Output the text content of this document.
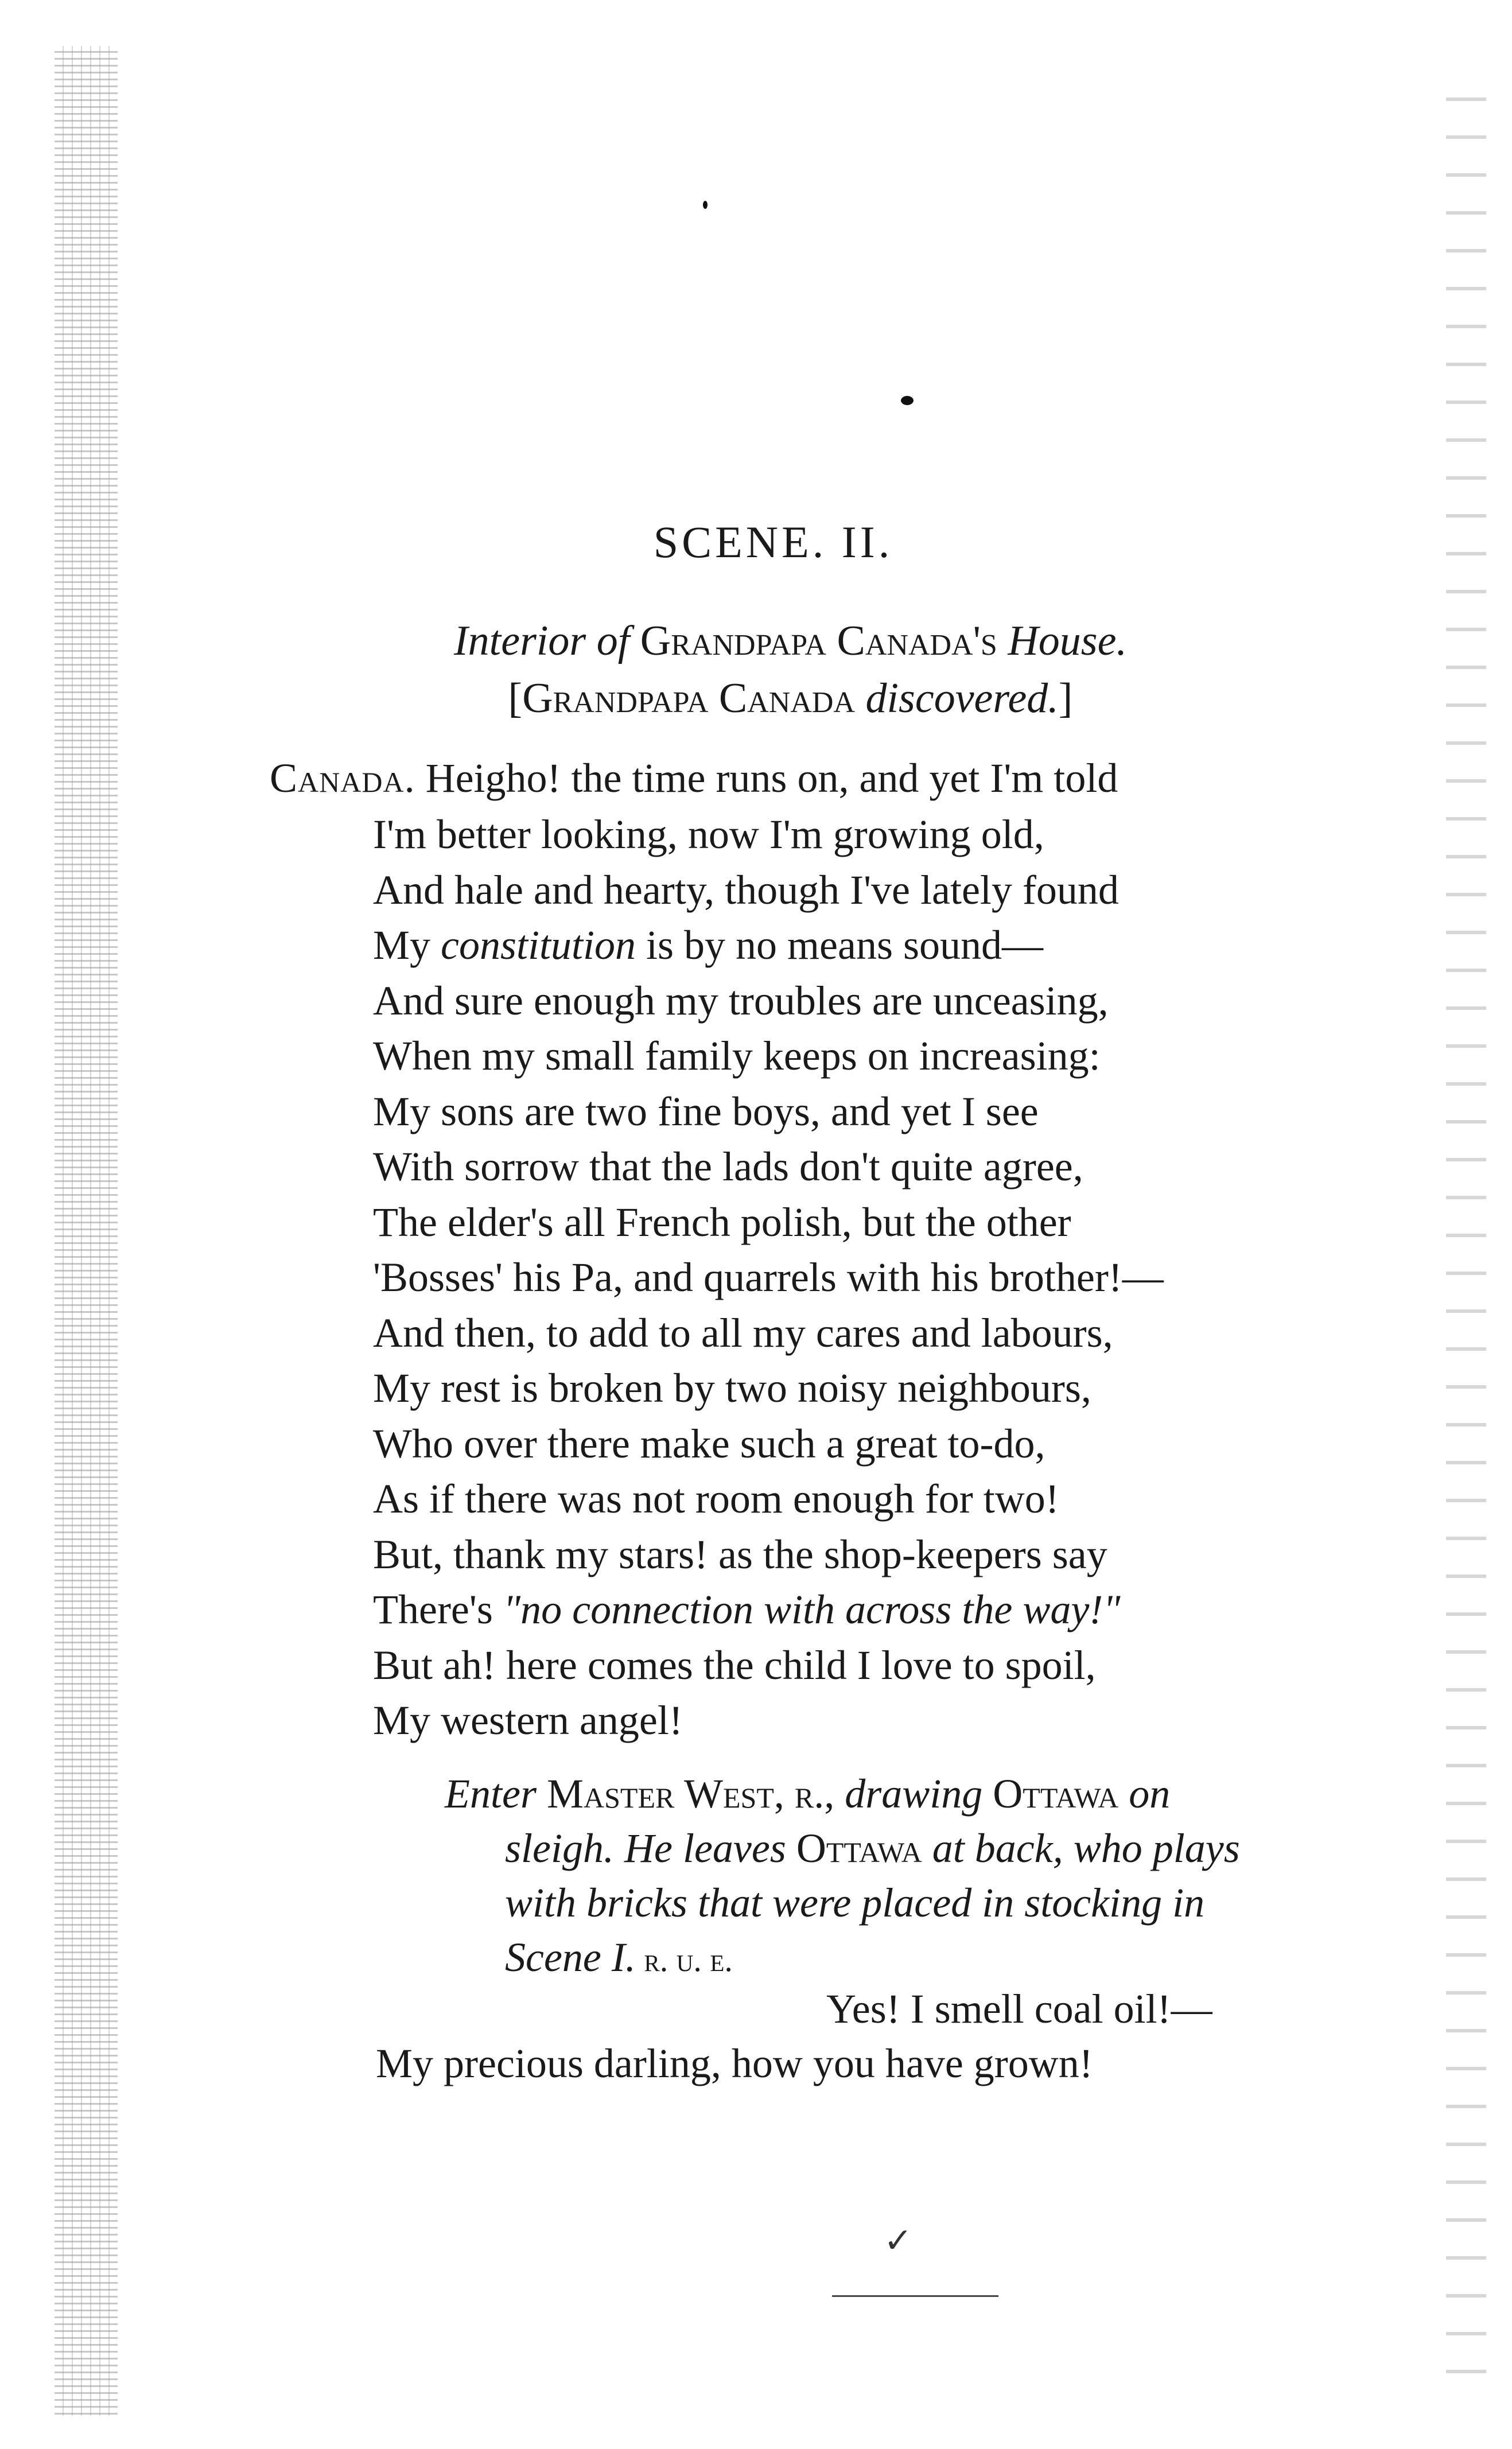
SCENE. II.
Interior of Grandpapa Canada's House.
[Grandpapa Canada discovered.]
Canada. Heigho! the time runs on, and yet I'm told
I'm better looking, now I'm growing old,
And hale and hearty, though I've lately found
My constitution is by no means sound—
And sure enough my troubles are unceasing,
When my small family keeps on increasing:
My sons are two fine boys, and yet I see
With sorrow that the lads don't quite agree,
The elder's all French polish, but the other
'Bosses' his Pa, and quarrels with his brother!—
And then, to add to all my cares and labours,
My rest is broken by two noisy neighbours,
Who over there make such a great to-do,
As if there was not room enough for two!
But, thank my stars! as the shop-keepers say
There's "no connection with across the way!"
But ah! here comes the child I love to spoil,
My western angel!
Enter Master West, r., drawing Ottawa on
sleigh. He leaves Ottawa at back, who plays
with bricks that were placed in stocking in
Scene I. r. u. e.
Yes! I smell coal oil!—
My precious darling, how you have grown!
✓
